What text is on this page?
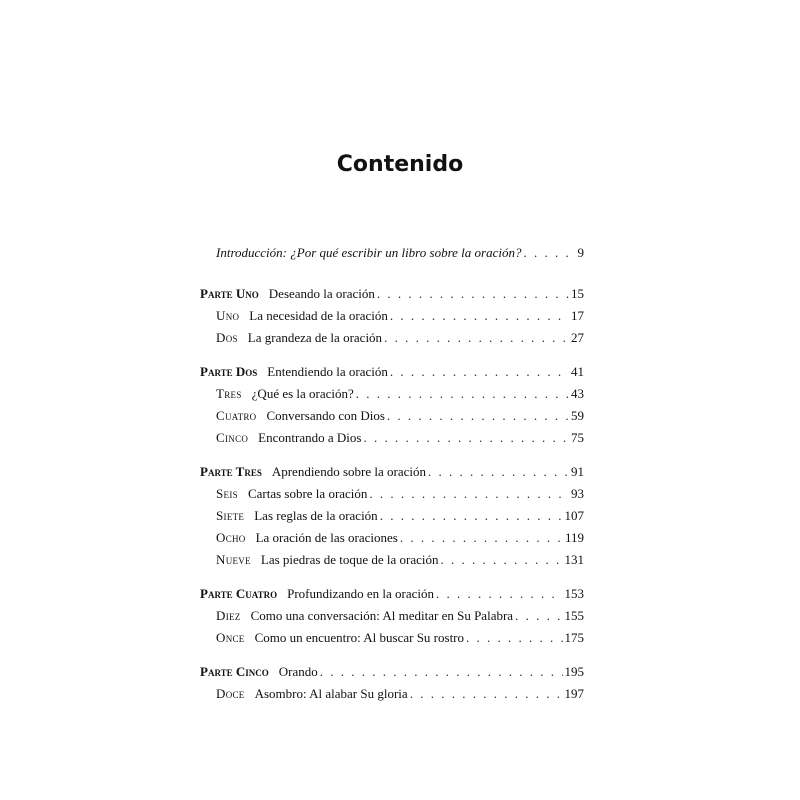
Contenido
Introducción: ¿Por qué escribir un libro sobre la oración? . . .	9
Parte Uno Deseando la oración . . .	15
Uno La necesidad de la oración . . .	17
Dos La grandeza de la oración . . .	27
Parte Dos Entendiendo la oración . . .	41
Tres ¿Qué es la oración? . . .	43
Cuatro Conversando con Dios . . .	59
Cinco Encontrando a Dios . . .	75
Parte Tres Aprendiendo sobre la oración . . .	91
Seis Cartas sobre la oración . . .	93
Siete Las reglas de la oración . . .	107
Ocho La oración de las oraciones . . .	119
Nueve Las piedras de toque de la oración . . .	131
Parte Cuatro Profundizando en la oración . . .	153
Diez Como una conversación: Al meditar en Su Palabra . . .	155
Once Como un encuentro: Al buscar Su rostro . . .	175
Parte Cinco Orando . . .	195
Doce Asombro: Al alabar Su gloria . . .	197
